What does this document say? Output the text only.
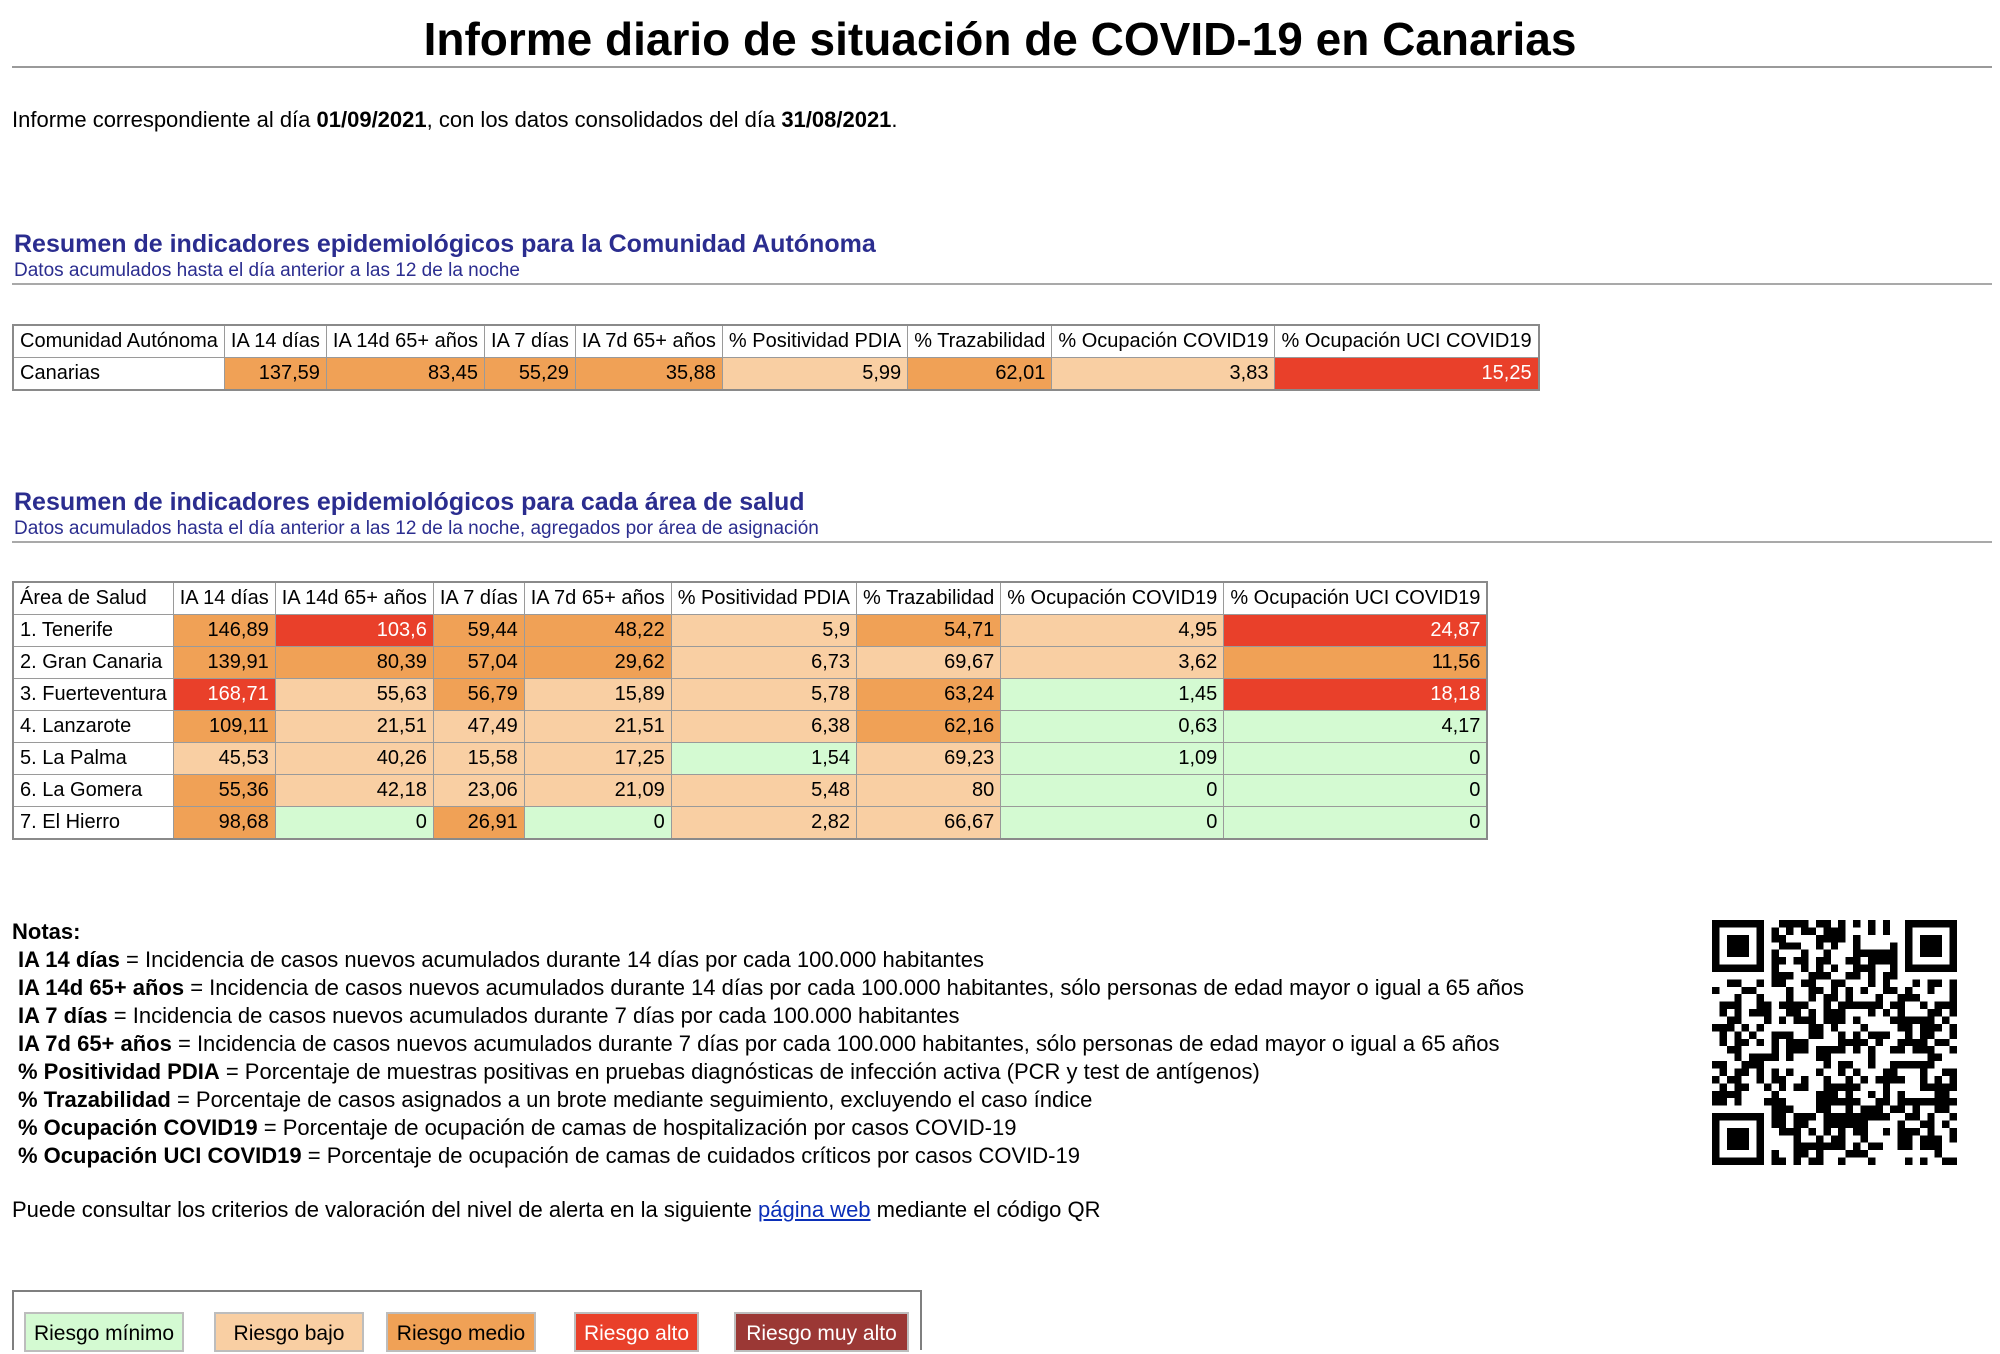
Informe diario de situación de COVID-19 en Canarias
Informe correspondiente al día 01/09/2021, con los datos consolidados del día 31/08/2021.
Resumen de indicadores epidemiológicos para la Comunidad Autónoma
Datos acumulados hasta el día anterior a las 12 de la noche
Comunidad Autónoma	IA 14 días	IA 14d 65+ años	IA 7 días	IA 7d 65+ años	% Positividad PDIA	% Trazabilidad	% Ocupación COVID19	% Ocupación UCI COVID19
Canarias	137,59	83,45	55,29	35,88	5,99	62,01	3,83	15,25
Resumen de indicadores epidemiológicos para cada área de salud
Datos acumulados hasta el día anterior a las 12 de la noche, agregados por área de asignación
Área de Salud	IA 14 días	IA 14d 65+ años	IA 7 días	IA 7d 65+ años	% Positividad PDIA	% Trazabilidad	% Ocupación COVID19	% Ocupación UCI COVID19
1. Tenerife	146,89	103,6	59,44	48,22	5,9	54,71	4,95	24,87
2. Gran Canaria	139,91	80,39	57,04	29,62	6,73	69,67	3,62	11,56
3. Fuerteventura	168,71	55,63	56,79	15,89	5,78	63,24	1,45	18,18
4. Lanzarote	109,11	21,51	47,49	21,51	6,38	62,16	0,63	4,17
5. La Palma	45,53	40,26	15,58	17,25	1,54	69,23	1,09	0
6. La Gomera	55,36	42,18	23,06	21,09	5,48	80	0	0
7. El Hierro	98,68	0	26,91	0	2,82	66,67	0	0
Notas:
IA 14 días = Incidencia de casos nuevos acumulados durante 14 días por cada 100.000 habitantes
IA 14d 65+ años = Incidencia de casos nuevos acumulados durante 14 días por cada 100.000 habitantes, sólo personas de edad mayor o igual a 65 años
IA 7 días = Incidencia de casos nuevos acumulados durante 7 días por cada 100.000 habitantes
IA 7d 65+ años = Incidencia de casos nuevos acumulados durante 7 días por cada 100.000 habitantes, sólo personas de edad mayor o igual a 65 años
% Positividad PDIA = Porcentaje de muestras positivas en pruebas diagnósticas de infección activa (PCR y test de antígenos)
% Trazabilidad = Porcentaje de casos asignados a un brote mediante seguimiento, excluyendo el caso índice
% Ocupación COVID19 = Porcentaje de ocupación de camas de hospitalización por casos COVID-19
% Ocupación UCI COVID19 = Porcentaje de ocupación de camas de cuidados críticos por casos COVID-19
Puede consultar los criterios de valoración del nivel de alerta en la siguiente página web mediante el código QR
Riesgo mínimo	Riesgo bajo	Riesgo medio	Riesgo alto	Riesgo muy alto
